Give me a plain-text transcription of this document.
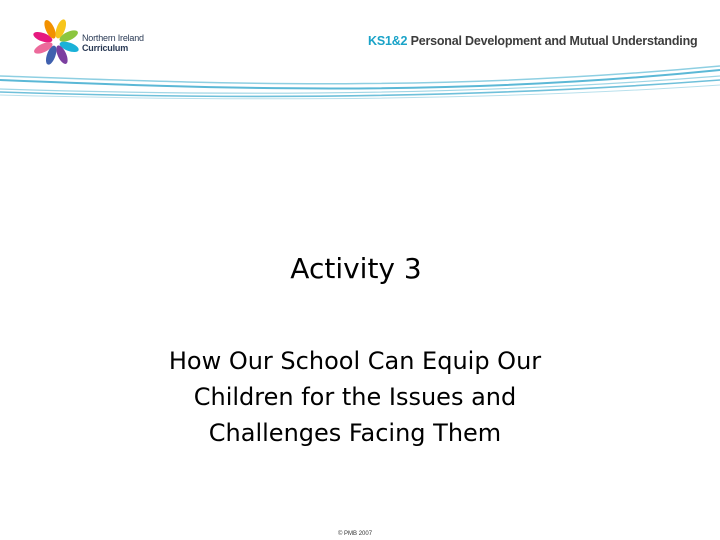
Northern Ireland
Curriculum	KS1&2 Personal Development and Mutual Understanding
Activity 3
How Our School Can Equip Our
Children for the Issues and
Challenges Facing Them
© PMB 2007
